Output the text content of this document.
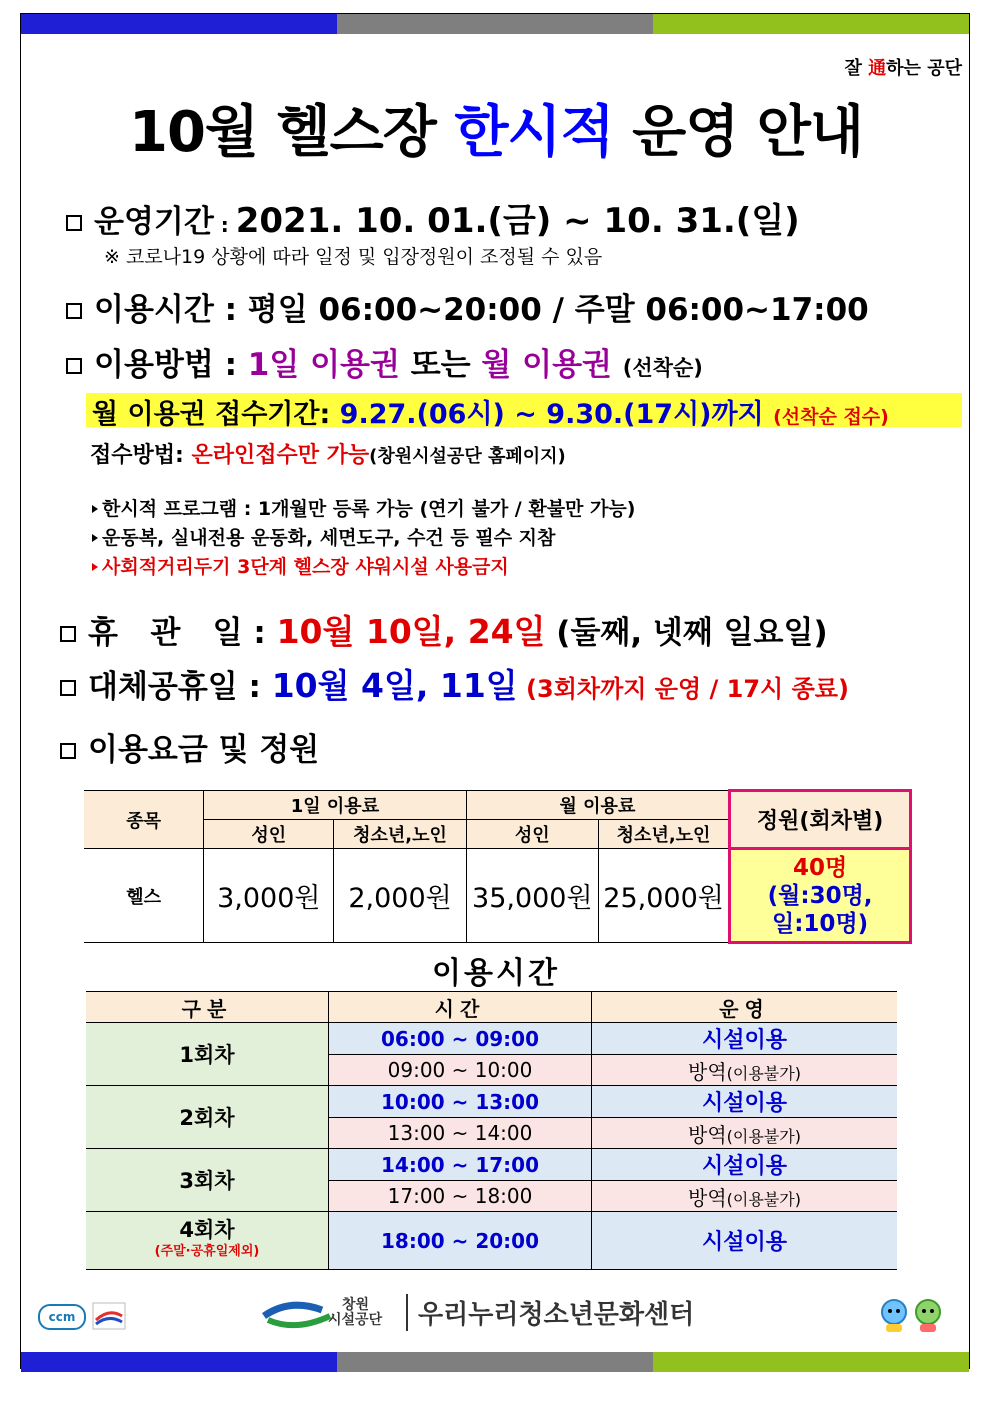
잘 通하는 공단
10월 헬스장 한시적 운영 안내
운영기간 : 2021. 10. 01.(금) ~ 10. 31.(일)
※ 코로나19 상황에 따라 일정 및 입장정원이 조정될 수 있음
이용시간 : 평일 06:00~20:00 / 주말 06:00~17:00
이용방법 : 1일 이용권 또는 월 이용권 (선착순)
월 이용권 접수기간: 9.27.(06시) ~ 9.30.(17시)까지 (선착순 접수)
접수방법: 온라인접수만 가능(창원시설공단 홈페이지)
한시적 프로그램 : 1개월만 등록 가능 (연기 불가 / 환불만 가능)
운동복, 실내전용 운동화, 세면도구, 수건 등 필수 지참
사회적거리두기 3단계 헬스장 샤워시설 사용금지
휴   관   일 : 10월 10일, 24일 (둘째, 넷째 일요일)
대체공휴일 : 10월 4일, 11일 (3회차까지 운영 / 17시 종료)
이용요금 및 정원
종목	1일 이용료		월 이용료		정원(회차별)
	성인	청소년,노인	성인	청소년,노인	
헬스	3,000원	2,000원	35,000원	25,000원	40명
(월:30명,
일:10명)
이용시간
구분	시간	운영
1회차	06:00 ~ 09:00	시설이용
	09:00 ~ 10:00	방역(이용불가)
2회차	10:00 ~ 13:00	시설이용
	13:00 ~ 14:00	방역(이용불가)
3회차	14:00 ~ 17:00	시설이용
	17:00 ~ 18:00	방역(이용불가)

4회차
(주말·공휴일제외)	18:00 ~ 20:00	시설이용
ccm
창원
시설공단	우리누리청소년문화센터
